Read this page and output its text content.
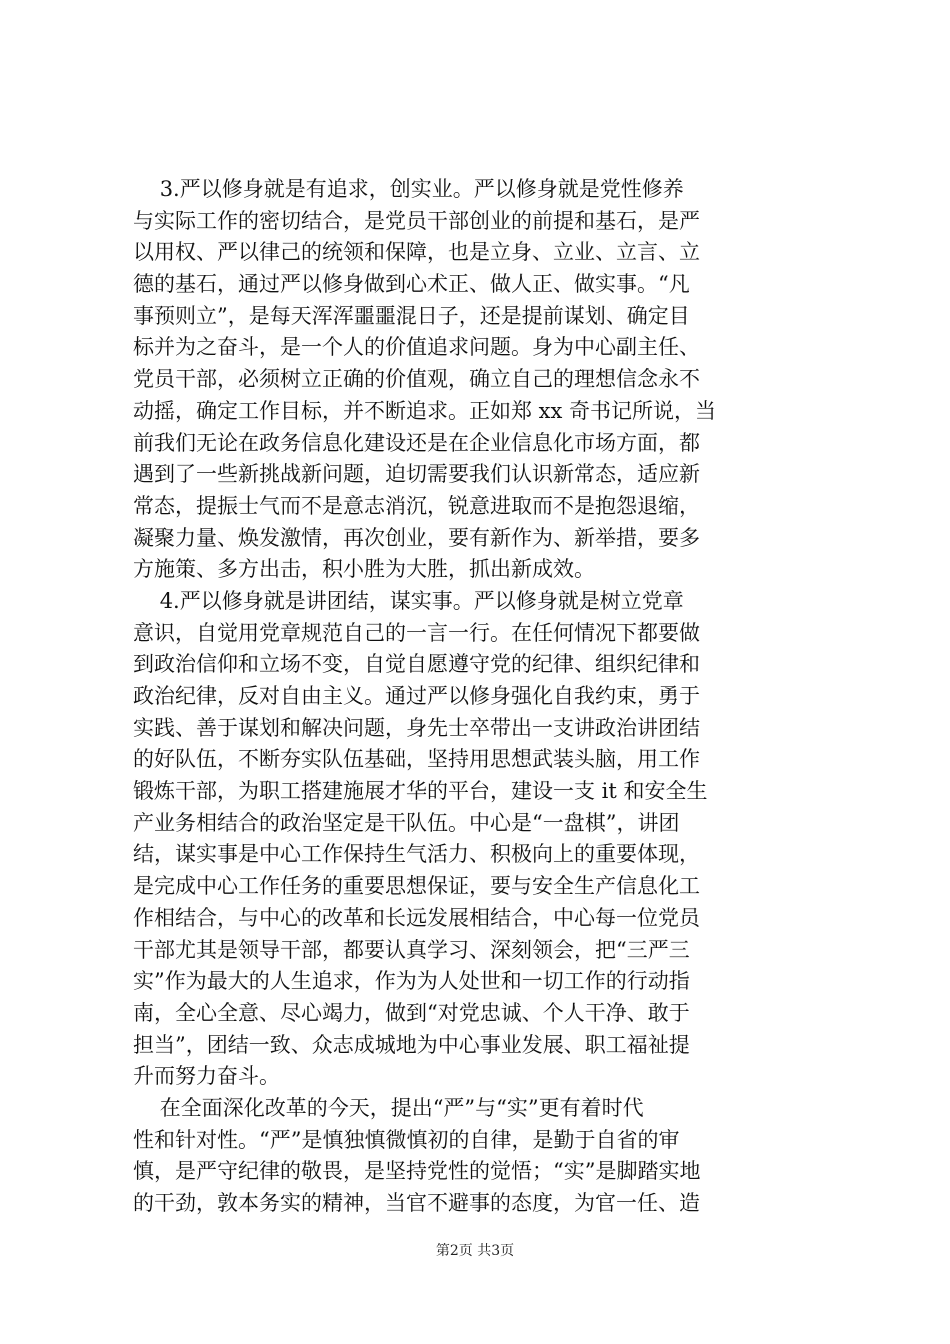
3.严以修身就是有追求，创实业。严以修身就是党性修养
与实际工作的密切结合，是党员干部创业的前提和基石，是严
以用权、严以律己的统领和保障，也是立身、立业、立言、立
德的基石，通过严以修身做到心术正、做人正、做实事。“凡
事预则立”，是每天浑浑噩噩混日子，还是提前谋划、确定目
标并为之奋斗，是一个人的价值追求问题。身为中心副主任、
党员干部，必须树立正确的价值观，确立自己的理想信念永不
动摇，确定工作目标，并不断追求。正如郑 xx 奇书记所说，当
前我们无论在政务信息化建设还是在企业信息化市场方面，都
遇到了一些新挑战新问题，迫切需要我们认识新常态，适应新
常态，提振士气而不是意志消沉，锐意进取而不是抱怨退缩，
凝聚力量、焕发激情，再次创业，要有新作为、新举措，要多
方施策、多方出击，积小胜为大胜，抓出新成效。
4.严以修身就是讲团结，谋实事。严以修身就是树立党章
意识，自觉用党章规范自己的一言一行。在任何情况下都要做
到政治信仰和立场不变，自觉自愿遵守党的纪律、组织纪律和
政治纪律，反对自由主义。通过严以修身强化自我约束，勇于
实践、善于谋划和解决问题，身先士卒带出一支讲政治讲团结
的好队伍，不断夯实队伍基础，坚持用思想武装头脑，用工作
锻炼干部，为职工搭建施展才华的平台，建设一支 it 和安全生
产业务相结合的政治坚定是干队伍。中心是“一盘棋”，讲团
结，谋实事是中心工作保持生气活力、积极向上的重要体现，
是完成中心工作任务的重要思想保证，要与安全生产信息化工
作相结合，与中心的改革和长远发展相结合，中心每一位党员
干部尤其是领导干部，都要认真学习、深刻领会，把“三严三
实”作为最大的人生追求，作为为人处世和一切工作的行动指
南，全心全意、尽心竭力，做到“对党忠诚、个人干净、敢于
担当”，团结一致、众志成城地为中心事业发展、职工福祉提
升而努力奋斗。
在全面深化改革的今天，提出“严”与“实”更有着时代
性和针对性。“严”是慎独慎微慎初的自律，是勤于自省的审
慎，是严守纪律的敬畏，是坚持党性的觉悟；“实”是脚踏实地
的干劲，敦本务实的精神，当官不避事的态度，为官一任、造
第2页 共3页
